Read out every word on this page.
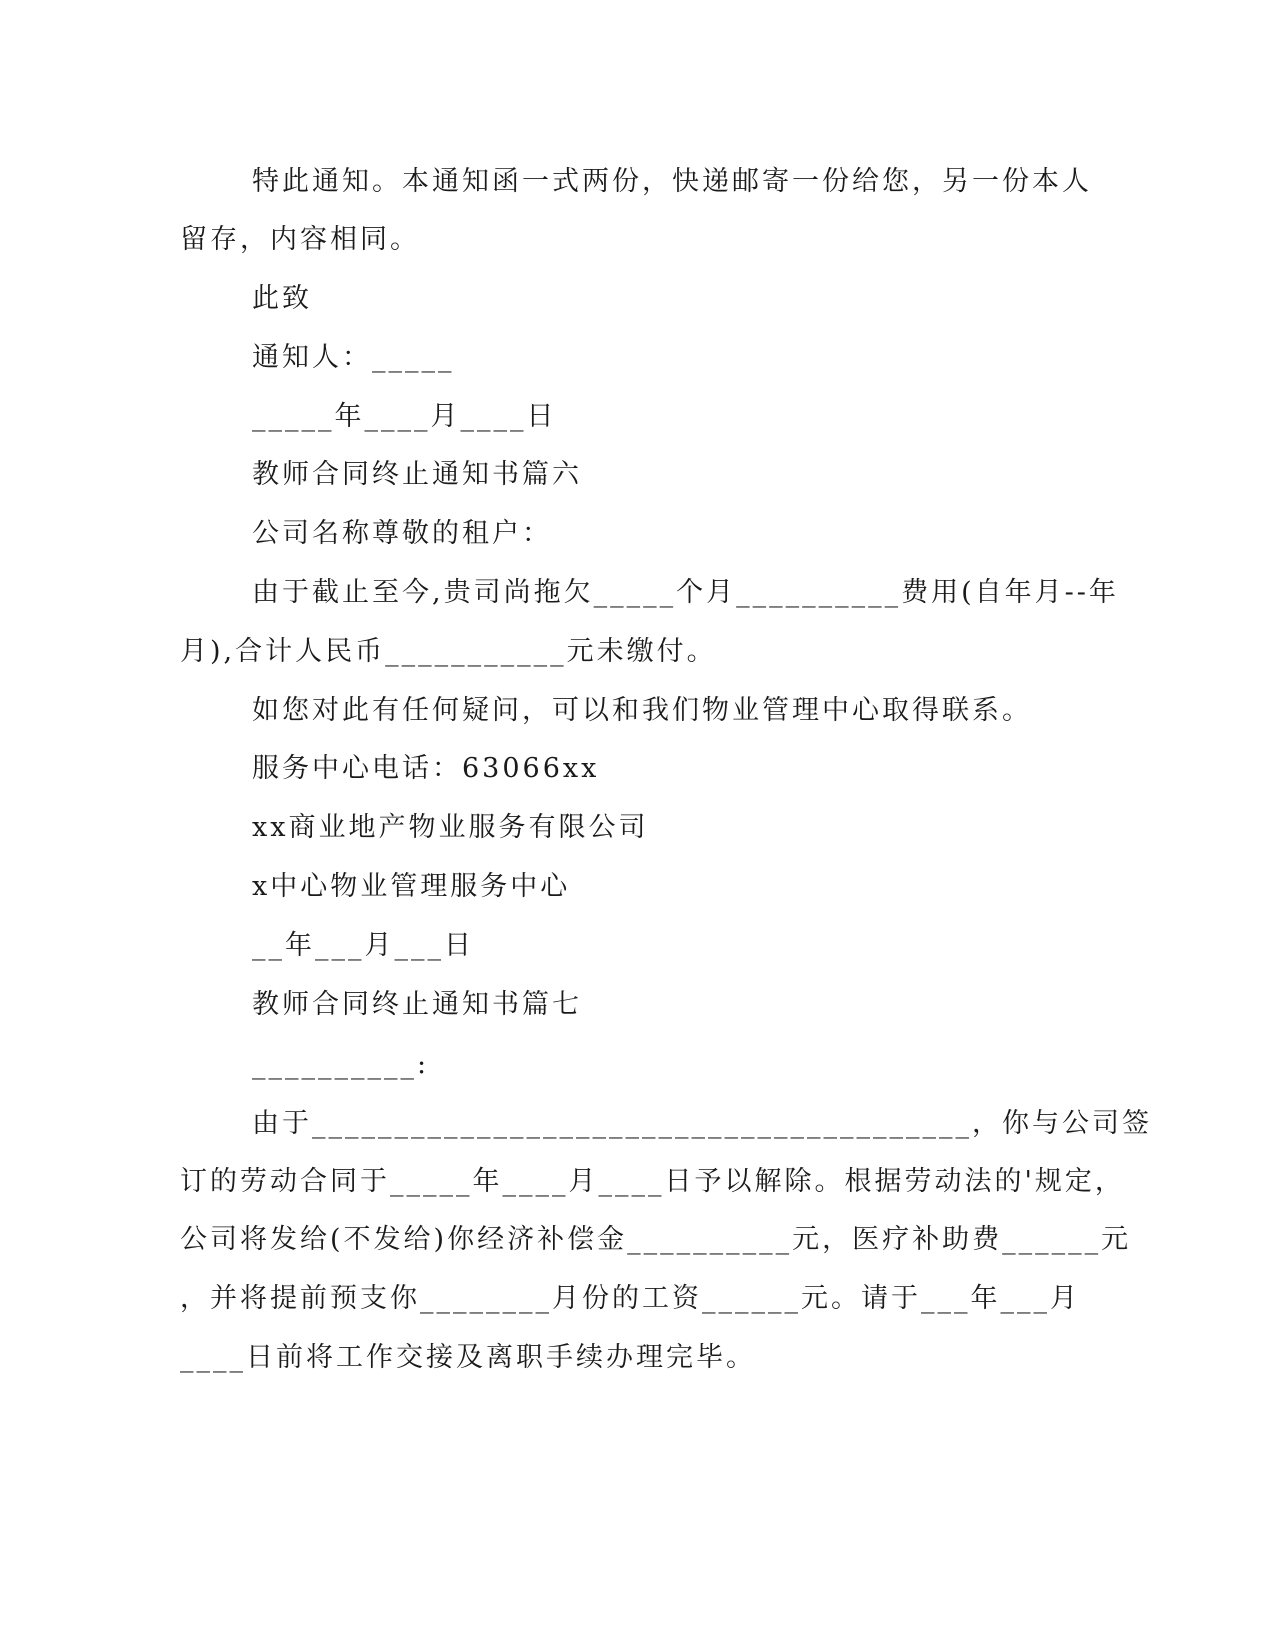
特此通知。本通知函一式两份，快递邮寄一份给您，另一份本人
留存，内容相同。
此致
通知人：_____
_____年____月____日
教师合同终止通知书篇六
公司名称尊敬的租户：
由于截止至今,贵司尚拖欠_____个月__________费用(自年月--年
月),合计人民币___________元未缴付。
如您对此有任何疑问，可以和我们物业管理中心取得联系。
服务中心电话：63066xx
xx商业地产物业服务有限公司
x中心物业管理服务中心
__年___月___日
教师合同终止通知书篇七
__________:
由于________________________________________，你与公司签
订的劳动合同于_____年____月____日予以解除。根据劳动法的'规定，
公司将发给(不发给)你经济补偿金__________元，医疗补助费______元
，并将提前预支你________月份的工资______元。请于___年___月
____日前将工作交接及离职手续办理完毕。
